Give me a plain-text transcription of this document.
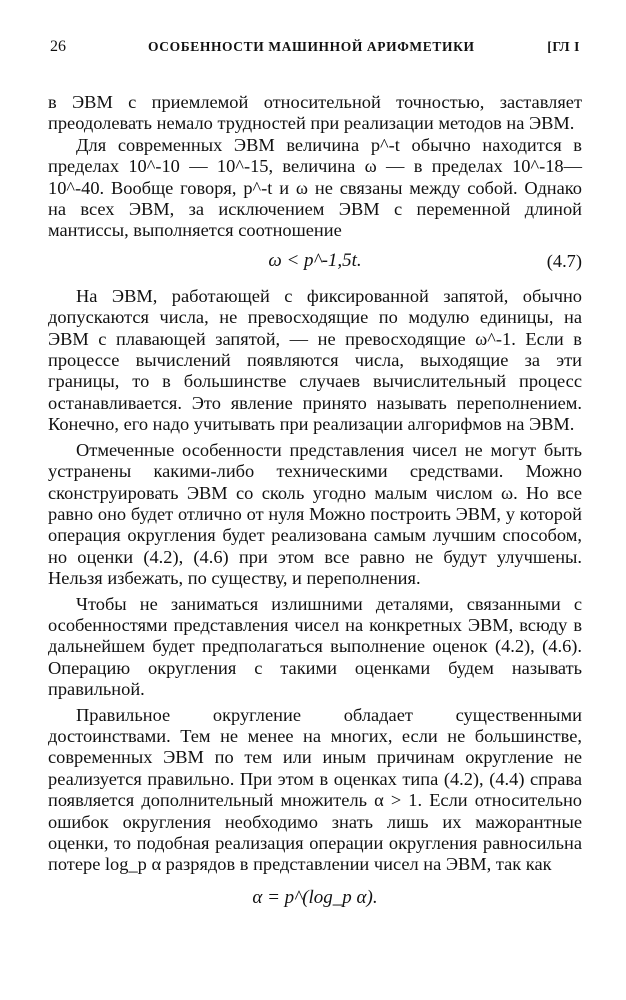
26	ОСОБЕННОСТИ МАШИННОЙ АРИФМЕТИКИ	[ГЛ I

в ЭВМ с приемлемой относительной точностью, заставляет преодолевать немало трудностей при реализации методов на ЭВМ.

Для современных ЭВМ величина p^-t обычно находится в пределах 10^-10 — 10^-15, величина ω — в пределах 10^-18— 10^-40. Вообще говоря, p^-t и ω не связаны между собой. Однако на всех ЭВМ, за исключением ЭВМ с переменной длиной мантиссы, выполняется соотношение

ω < p^-1,5t.	(4.7)

На ЭВМ, работающей с фиксированной запятой, обычно допускаются числа, не превосходящие по модулю единицы, на ЭВМ с плавающей запятой, — не превосходящие ω^-1. Если в процессе вычислений появляются числа, выходящие за эти границы, то в большинстве случаев вычислительный процесс останавливается. Это явление принято называть переполнением. Конечно, его надо учитывать при реализации алгорифмов на ЭВМ.

Отмеченные особенности представления чисел не могут быть устранены какими-либо техническими средствами. Можно сконструировать ЭВМ со сколь угодно малым числом ω. Но все равно оно будет отлично от нуля Можно построить ЭВМ, у которой операция округления будет реализована самым лучшим способом, но оценки (4.2), (4.6) при этом все равно не будут улучшены. Нельзя избежать, по существу, и переполнения.

Чтобы не заниматься излишними деталями, связанными с особенностями представления чисел на конкретных ЭВМ, всюду в дальнейшем будет предполагаться выполнение оценок (4.2), (4.6). Операцию округления с такими оценками будем называть правильной.

Правильное округление обладает существенными достоинствами. Тем не менее на многих, если не большинстве, современных ЭВМ по тем или иным причинам округление не реализуется правильно. При этом в оценках типа (4.2), (4.4) справа появляется дополнительный множитель α > 1. Если относительно ошибок округления необходимо знать лишь их мажорантные оценки, то подобная реализация операции округления равносильна потере log_p α разрядов в представлении чисел на ЭВМ, так как

α = p^(log_p α).
